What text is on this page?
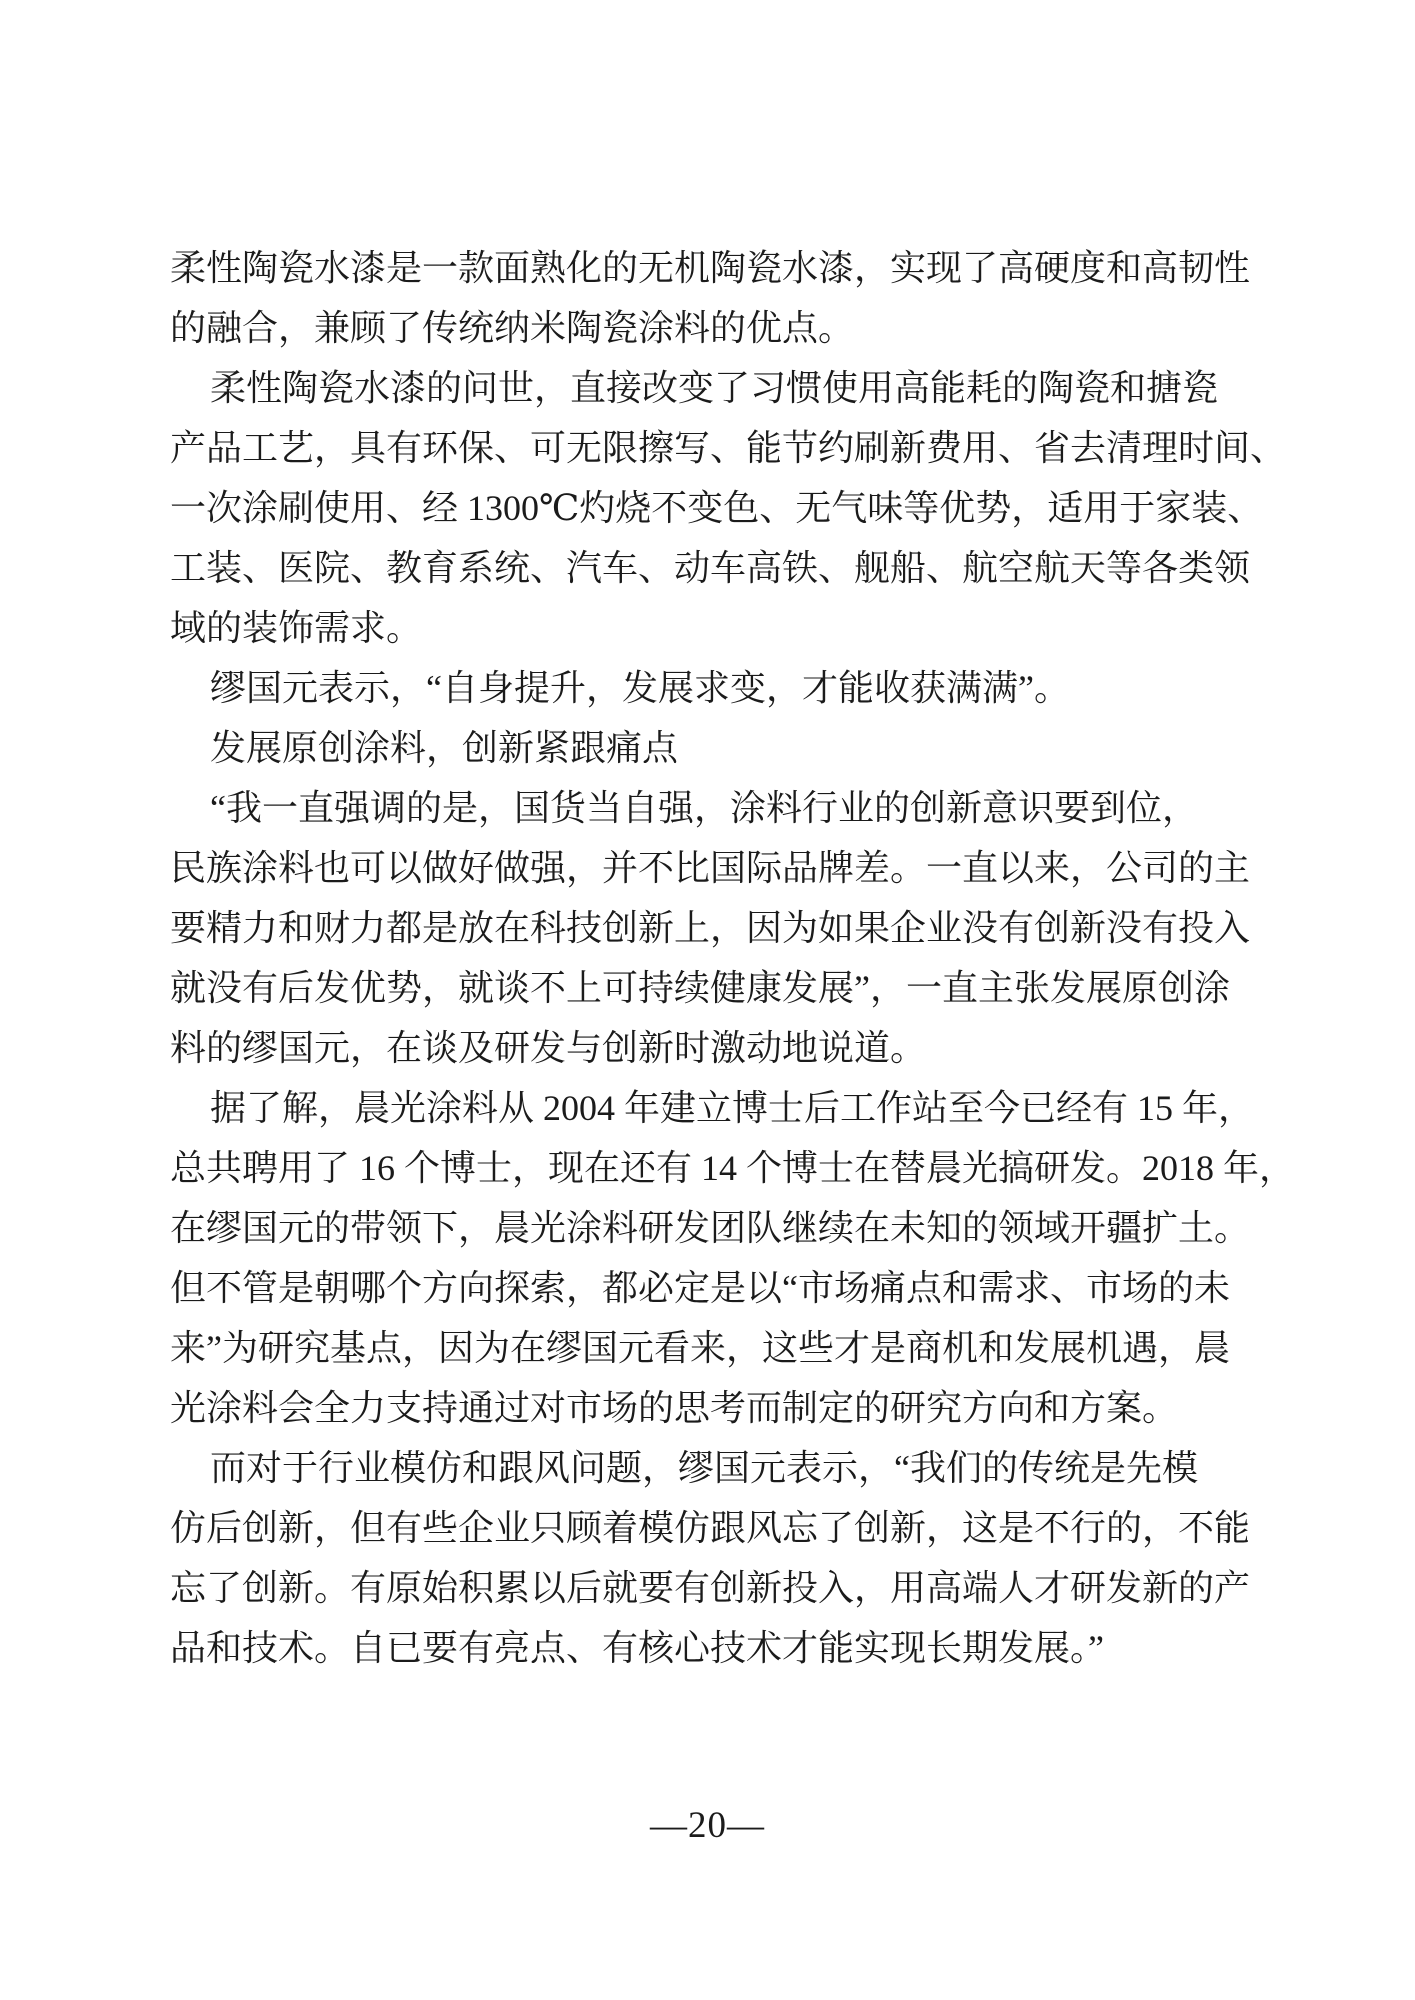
柔性陶瓷水漆是一款面熟化的无机陶瓷水漆，实现了高硬度和高韧性
的融合，兼顾了传统纳米陶瓷涂料的优点。
柔性陶瓷水漆的问世，直接改变了习惯使用高能耗的陶瓷和搪瓷
产品工艺，具有环保、可无限擦写、能节约刷新费用、省去清理时间、
一次涂刷使用、经 1300℃灼烧不变色、无气味等优势，适用于家装、
工装、医院、教育系统、汽车、动车高铁、舰船、航空航天等各类领
域的装饰需求。
缪国元表示，“自身提升，发展求变，才能收获满满”。
发展原创涂料，创新紧跟痛点
“我一直强调的是，国货当自强，涂料行业的创新意识要到位，
民族涂料也可以做好做强，并不比国际品牌差。一直以来，公司的主
要精力和财力都是放在科技创新上，因为如果企业没有创新没有投入
就没有后发优势，就谈不上可持续健康发展”，一直主张发展原创涂
料的缪国元，在谈及研发与创新时激动地说道。
据了解，晨光涂料从 2004 年建立博士后工作站至今已经有 15 年，
总共聘用了 16 个博士，现在还有 14 个博士在替晨光搞研发。2018 年，
在缪国元的带领下，晨光涂料研发团队继续在未知的领域开疆扩土。
但不管是朝哪个方向探索，都必定是以“市场痛点和需求、市场的未
来”为研究基点，因为在缪国元看来，这些才是商机和发展机遇，晨
光涂料会全力支持通过对市场的思考而制定的研究方向和方案。
而对于行业模仿和跟风问题，缪国元表示，“我们的传统是先模
仿后创新，但有些企业只顾着模仿跟风忘了创新，这是不行的，不能
忘了创新。有原始积累以后就要有创新投入，用高端人才研发新的产
品和技术。自已要有亮点、有核心技术才能实现长期发展。”
—20—
